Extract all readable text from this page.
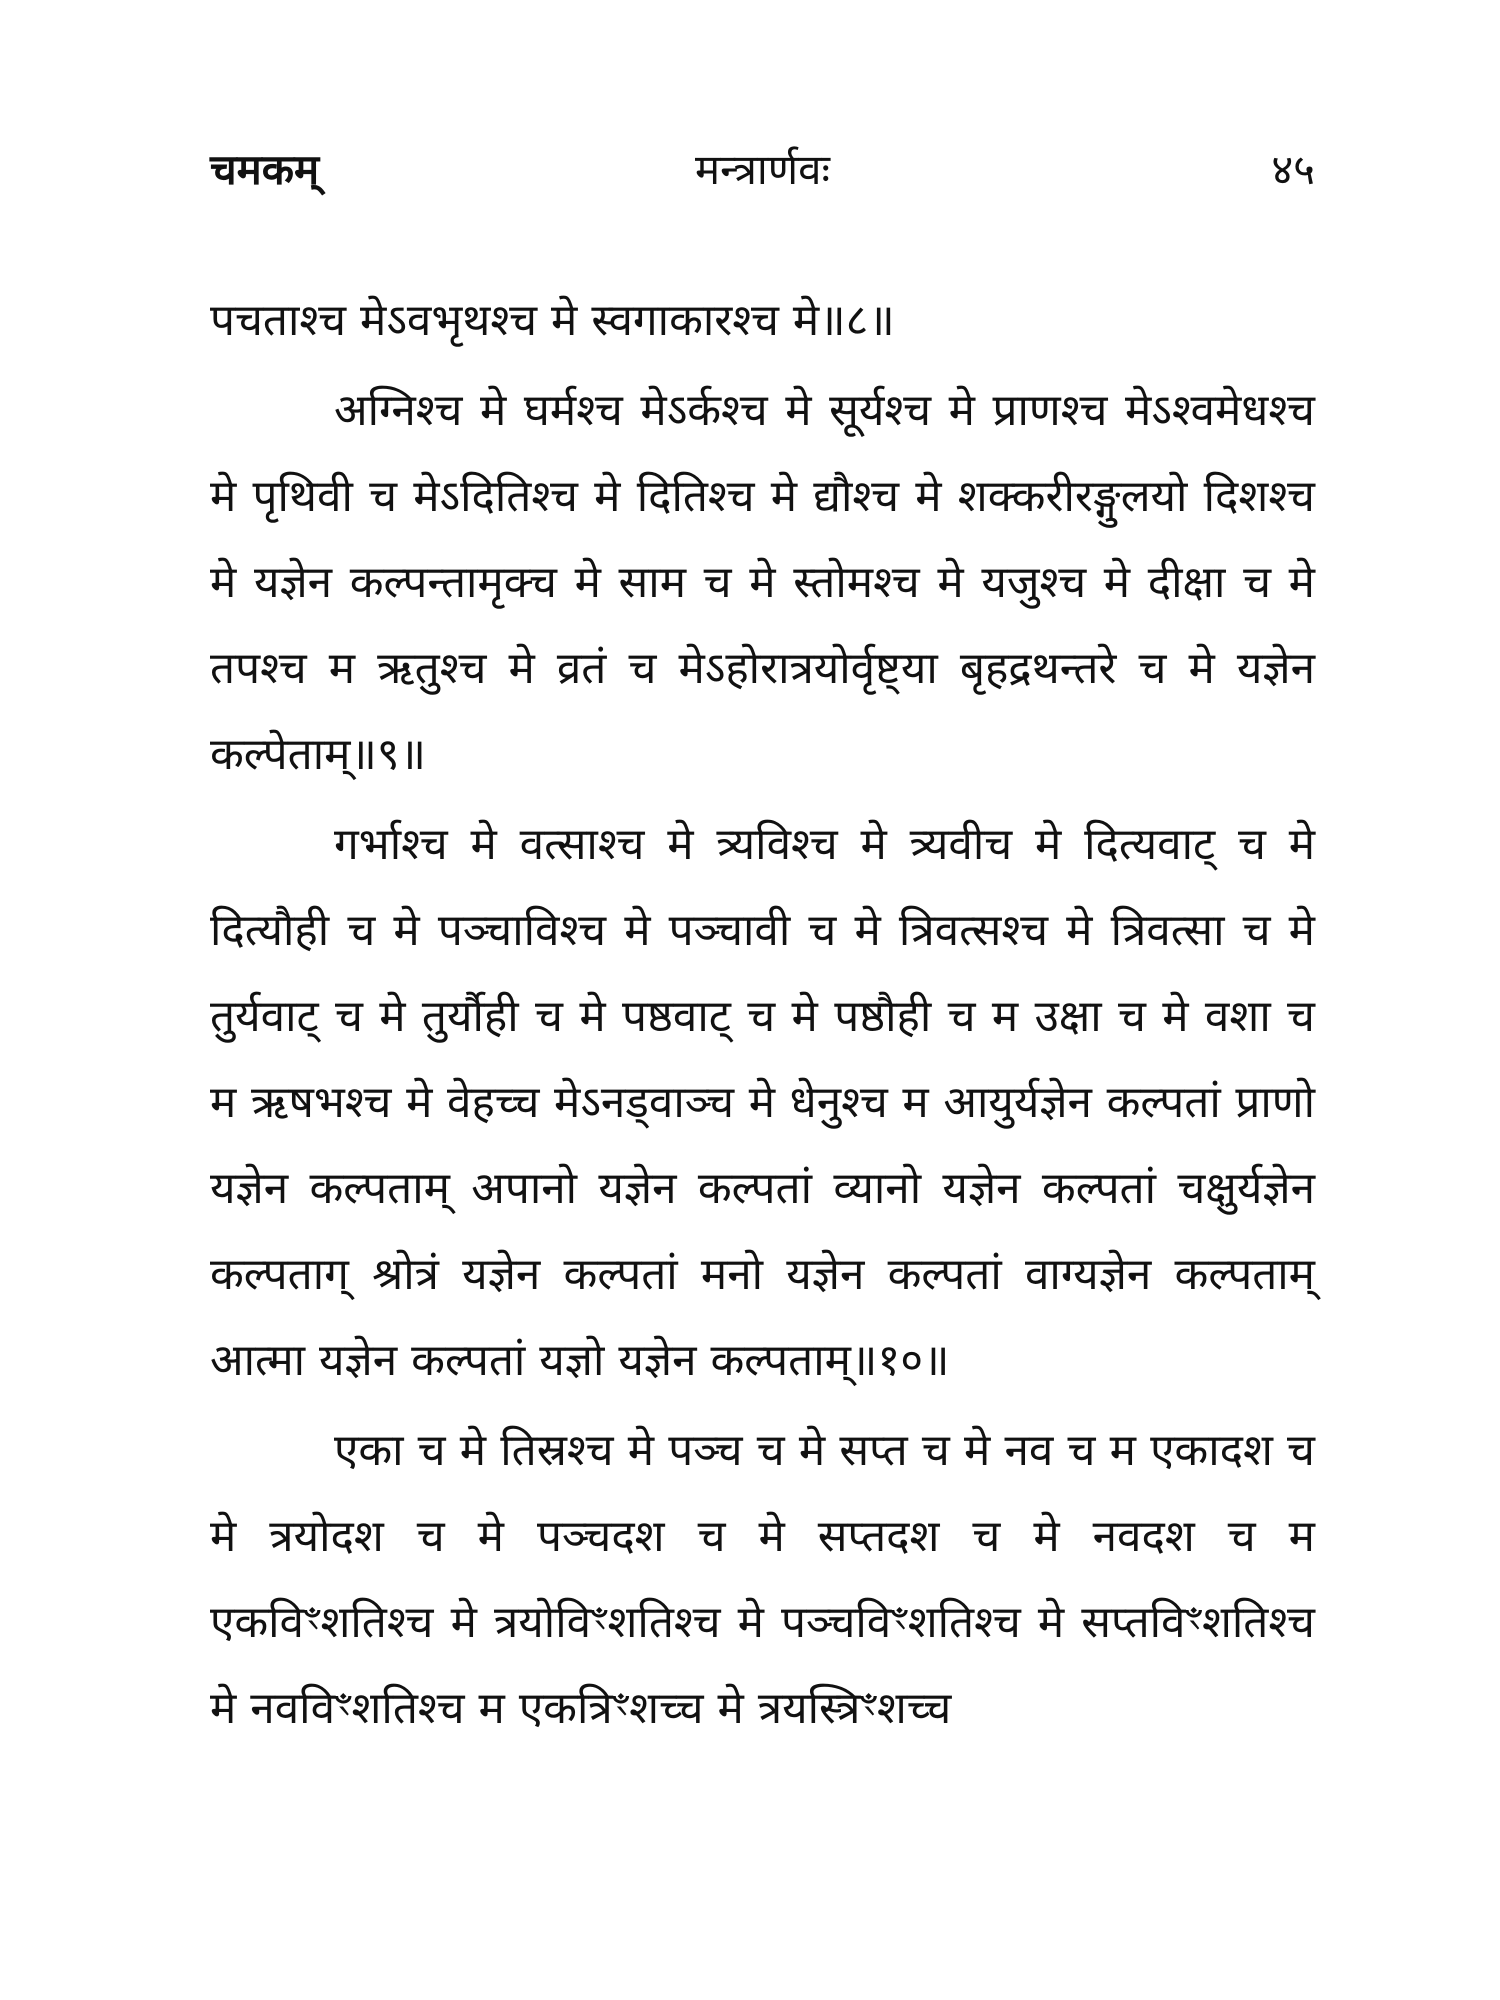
चमकम्	मन्त्रार्णवः	४५

पचताश्च मेऽवभृथश्च मे स्वगाकारश्च मे॥८॥

अग्निश्च मे घर्मश्च मेऽर्कश्च मे सूर्यश्च मे प्राणश्च मेऽश्वमेधश्च मे पृथिवी च मेऽदितिश्च मे दितिश्च मे द्यौश्च मे शक्करीरङ्गुलयो दिशश्च मे यज्ञेन कल्पन्तामृक्च मे साम च मे स्तोमश्च मे यजुश्च मे दीक्षा च मे तपश्च म ऋतुश्च मे व्रतं च मेऽहोरात्रयोर्वृष्ट्या बृहद्रथन्तरे च मे यज्ञेन कल्पेताम्॥९॥

गर्भाश्च मे वत्साश्च मे त्र्यविश्च मे त्र्यवीच मे दित्यवाट् च मे दित्यौही च मे पञ्चाविश्च मे पञ्चावी च मे त्रिवत्सश्च मे त्रिवत्सा च मे तुर्यवाट् च मे तुर्यौही च मे पष्ठवाट् च मे पष्ठौही च म उक्षा च मे वशा च म ऋषभश्च मे वेहच्च मेऽनड्वाञ्च मे धेनुश्च म आयुर्यज्ञेन कल्पतां प्राणो यज्ञेन कल्पताम् अपानो यज्ञेन कल्पतां व्यानो यज्ञेन कल्पतां चक्षुर्यज्ञेन कल्पताग् श्रोत्रं यज्ञेन कल्पतां मनो यज्ञेन कल्पतां वाग्यज्ञेन कल्पताम् आत्मा यज्ञेन कल्पतां यज्ञो यज्ञेन कल्पताम्॥१०॥

एका च मे तिस्रश्च मे पञ्च च मे सप्त च मे नव च म एकादश च मे त्रयोदश च मे पञ्चदश च मे सप्तदश च मे नवदश च म एकविꣳशतिश्च मे त्रयोविꣳशतिश्च मे पञ्चविꣳशतिश्च मे सप्तविꣳशतिश्च मे नवविꣳशतिश्च म एकत्रिꣳशच्च मे त्रयस्त्रिꣳशच्च
